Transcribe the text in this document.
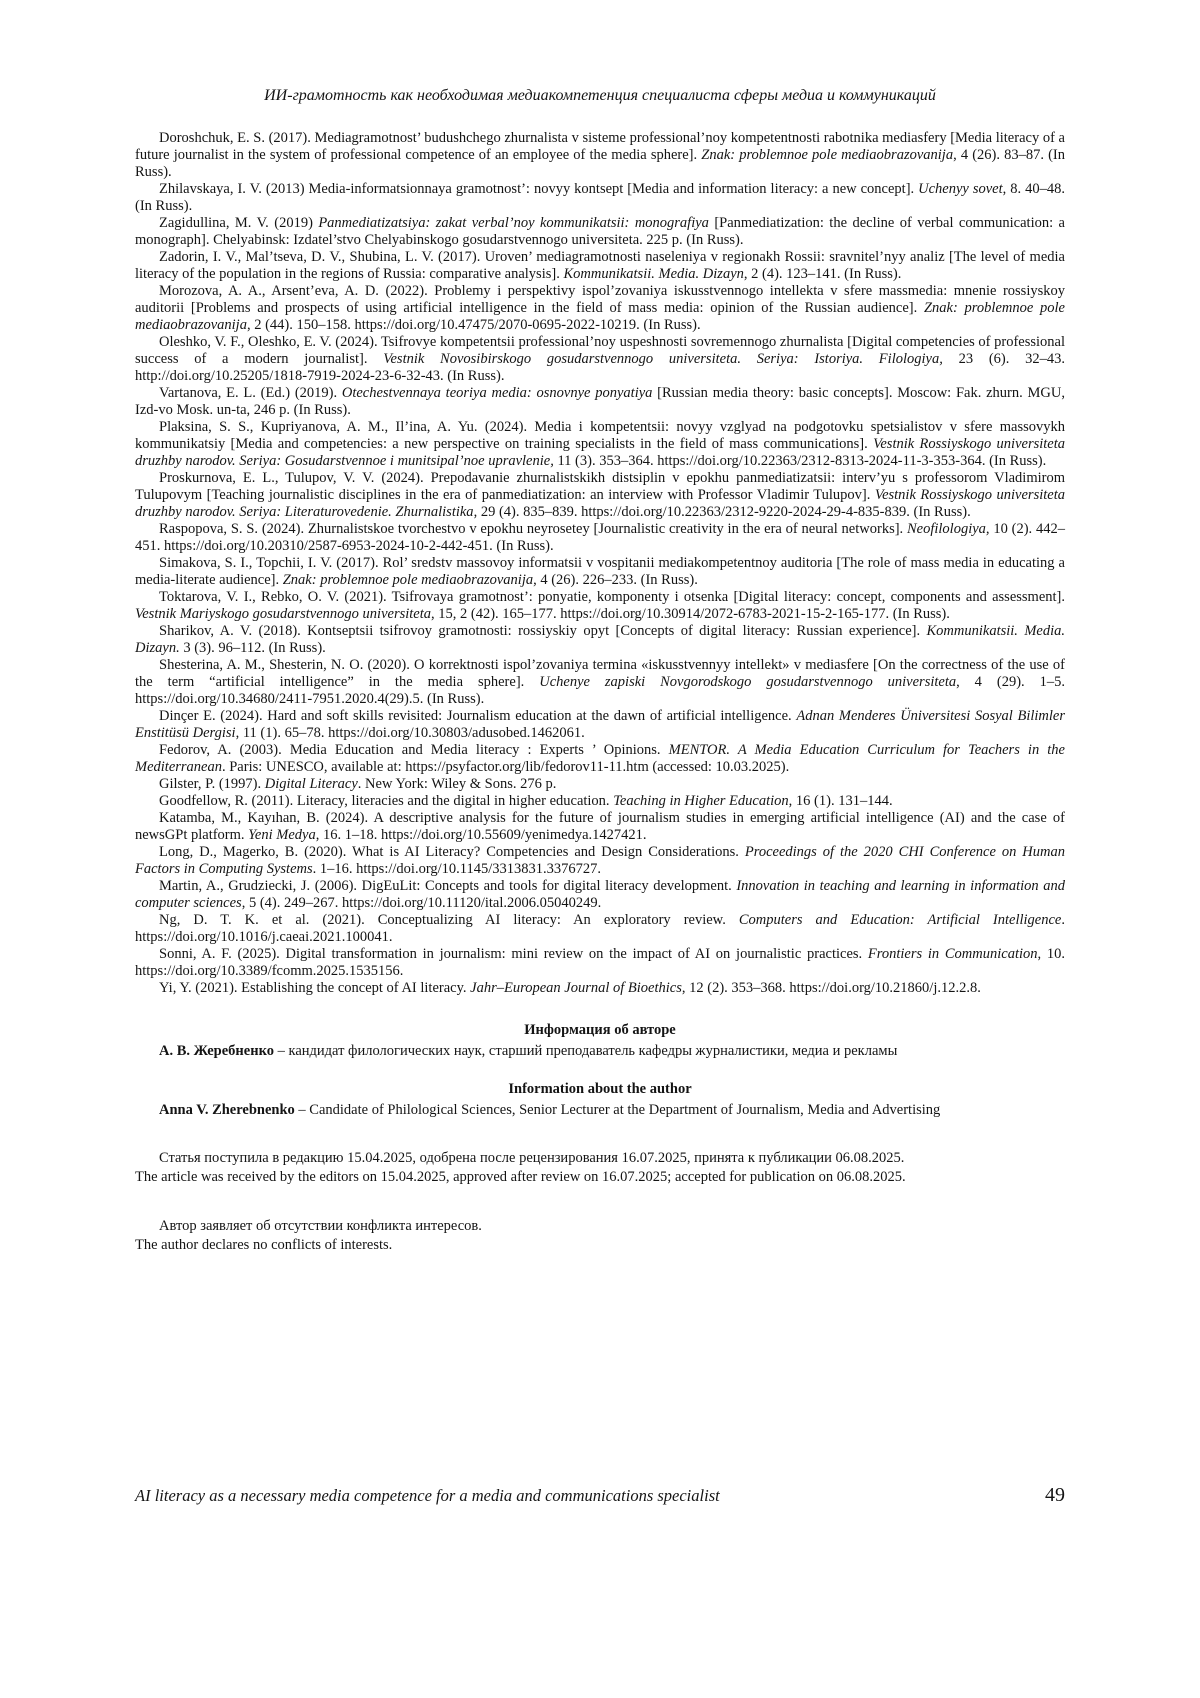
ИИ-грамотность как необходимая медиакомпетенция специалиста сферы медиа и коммуникаций

Doroshchuk, E. S. (2017). Mediagramotnost’ budushchego zhurnalista v sisteme professional’noy kompetentnosti rabotnika mediasfery [Media literacy of a future journalist in the system of professional competence of an employee of the media sphere]. Znak: problemnoe pole mediaobrazovanija, 4 (26). 83–87. (In Russ).

Zhilavskaya, I. V. (2013) Media-informatsionnaya gramotnost’: novyy kontsept [Media and information literacy: a new concept]. Uchenyy sovet, 8. 40–48. (In Russ).

Zagidullina, M. V. (2019) Panmediatizatsiya: zakat verbal’noy kommunikatsii: monografiya [Panmediatization: the decline of verbal communication: a monograph]. Chelyabinsk: Izdatel’stvo Chelyabinskogo gosudarstvennogo universiteta. 225 p. (In Russ).

Zadorin, I. V., Mal’tseva, D. V., Shubina, L. V. (2017). Uroven’ mediagramotnosti naseleniya v regionakh Rossii: sravnitel’nyy analiz [The level of media literacy of the population in the regions of Russia: comparative analysis]. Kommunikatsii. Media. Dizayn, 2 (4). 123–141. (In Russ).

Morozova, A. A., Arsent’eva, A. D. (2022). Problemy i perspektivy ispol’zovaniya iskusstvennogo intellekta v sfere massmedia: mnenie rossiyskoy auditorii [Problems and prospects of using artificial intelligence in the field of mass media: opinion of the Russian audience]. Znak: problemnoe pole mediaobrazovanija, 2 (44). 150–158. https://doi.org/10.47475/2070-0695-2022-10219. (In Russ).

Oleshko, V. F., Oleshko, E. V. (2024). Tsifrovye kompetentsii professional’noy uspeshnosti sovremennogo zhurnalista [Digital competencies of professional success of a modern journalist]. Vestnik Novosibirskogo gosudarstvennogo universiteta. Seriya: Istoriya. Filologiya, 23 (6). 32–43. http://doi.org/10.25205/1818-7919-2024-23-6-32-43. (In Russ).

Vartanova, E. L. (Ed.) (2019). Otechestvennaya teoriya media: osnovnye ponyatiya [Russian media theory: basic concepts]. Moscow: Fak. zhurn. MGU, Izd-vo Mosk. un-ta, 246 p. (In Russ).

Plaksina, S. S., Kupriyanova, A. M., Il’ina, A. Yu. (2024). Media i kompetentsii: novyy vzglyad na podgotovku spetsialistov v sfere massovykh kommunikatsiy [Media and competencies: a new perspective on training specialists in the field of mass communications]. Vestnik Rossiyskogo universiteta druzhby narodov. Seriya: Gosudarstvennoe i munitsipal’noe upravlenie, 11 (3). 353–364. https://doi.org/10.22363/2312-8313-2024-11-3-353-364. (In Russ).

Proskurnova, E. L., Tulupov, V. V. (2024). Prepodavanie zhurnalistskikh distsiplin v epokhu panmediatizatsii: interv’yu s professorom Vladimirom Tulupovym [Teaching journalistic disciplines in the era of panmediatization: an interview with Professor Vladimir Tulupov]. Vestnik Rossiyskogo universiteta druzhby narodov. Seriya: Literaturovedenie. Zhurnalistika, 29 (4). 835–839. https://doi.org/10.22363/2312-9220-2024-29-4-835-839. (In Russ).

Raspopova, S. S. (2024). Zhurnalistskoe tvorchestvo v epokhu neyrosetey [Journalistic creativity in the era of neural networks]. Neofilologiya, 10 (2). 442–451. https://doi.org/10.20310/2587-6953-2024-10-2-442-451. (In Russ).

Simakova, S. I., Topchii, I. V. (2017). Rol’ sredstv massovoy informatsii v vospitanii mediakompetentnoy auditoria [The role of mass media in educating a media-literate audience]. Znak: problemnoe pole mediaobrazovanija, 4 (26). 226–233. (In Russ).

Toktarova, V. I., Rebko, O. V. (2021). Tsifrovaya gramotnost’: ponyatie, komponenty i otsenka [Digital literacy: concept, components and assessment]. Vestnik Mariyskogo gosudarstvennogo universiteta, 15, 2 (42). 165–177. https://doi.org/10.30914/2072-6783-2021-15-2-165-177. (In Russ).

Sharikov, A. V. (2018). Kontseptsii tsifrovoy gramotnosti: rossiyskiy opyt [Concepts of digital literacy: Russian experience]. Kommunikatsii. Media. Dizayn. 3 (3). 96–112. (In Russ).

Shesterina, A. M., Shesterin, N. O. (2020). O korrektnosti ispol’zovaniya termina «iskusstvennyy intellekt» v mediasfere [On the correctness of the use of the term “artificial intelligence” in the media sphere]. Uchenye zapiski Novgorodskogo gosudarstvennogo universiteta, 4 (29). 1–5. https://doi.org/10.34680/2411-7951.2020.4(29).5. (In Russ).

Dinçer E. (2024). Hard and soft skills revisited: Journalism education at the dawn of artificial intelligence. Adnan Menderes Üniversitesi Sosyal Bilimler Enstitüsü Dergisi, 11 (1). 65–78. https://doi.org/10.30803/adusobed.1462061.

Fedorov, A. (2003). Media Education and Media literacy : Experts ’ Opinions. MENTOR. A Media Education Curriculum for Teachers in the Mediterranean. Paris: UNESCO, available at: https://psyfactor.org/lib/fedorov11-11.htm (accessed: 10.03.2025).

Gilster, P. (1997). Digital Literacy. New York: Wiley & Sons. 276 p.

Goodfellow, R. (2011). Literacy, literacies and the digital in higher education. Teaching in Higher Education, 16 (1). 131–144.

Katamba, M., Kayıhan, B. (2024). A descriptive analysis for the future of journalism studies in emerging artificial intelligence (AI) and the case of newsGPt platform. Yeni Medya, 16. 1–18. https://doi.org/10.55609/yenimedya.1427421.

Long, D., Magerko, B. (2020). What is AI Literacy? Competencies and Design Considerations. Proceedings of the 2020 CHI Conference on Human Factors in Computing Systems. 1–16. https://doi.org/10.1145/3313831.3376727.

Martin, A., Grudziecki, J. (2006). DigEuLit: Concepts and tools for digital literacy development. Innovation in teaching and learning in information and computer sciences, 5 (4). 249–267. https://doi.org/10.11120/ital.2006.05040249.

Ng, D. T. K. et al. (2021). Conceptualizing AI literacy: An exploratory review. Computers and Education: Artificial Intelligence. https://doi.org/10.1016/j.caeai.2021.100041.

Sonni, A. F. (2025). Digital transformation in journalism: mini review on the impact of AI on journalistic practices. Frontiers in Communication, 10. https://doi.org/10.3389/fcomm.2025.1535156.

Yi, Y. (2021). Establishing the concept of AI literacy. Jahr–European Journal of Bioethics, 12 (2). 353–368. https://doi.org/10.21860/j.12.2.8.

Информация об авторе

А. В. Жеребненко – кандидат филологических наук, старший преподаватель кафедры журналистики, медиа и рекламы

Information about the author

Anna V. Zherebnenko – Candidate of Philological Sciences, Senior Lecturer at the Department of Journalism, Media and Advertising

Статья поступила в редакцию 15.04.2025, одобрена после рецензирования 16.07.2025, принята к публикации 06.08.2025.

The article was received by the editors on 15.04.2025, approved after review on 16.07.2025; accepted for publication on 06.08.2025.

Автор заявляет об отсутствии конфликта интересов.

The author declares no conflicts of interests.

AI literacy as a necessary media competence for a media and communications specialist	49
